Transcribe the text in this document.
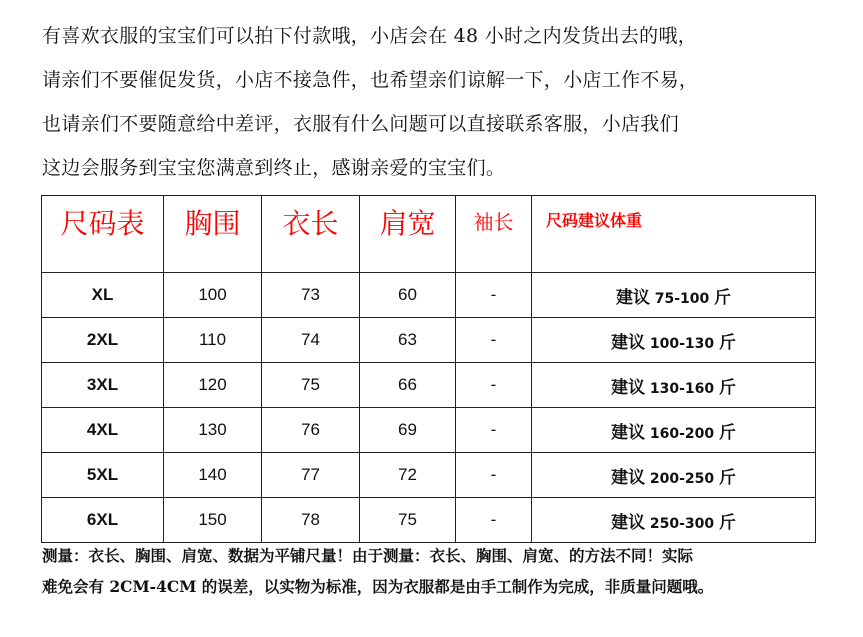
有喜欢衣服的宝宝们可以拍下付款哦，小店会在 48 小时之内发货出去的哦，
请亲们不要催促发货，小店不接急件，也希望亲们谅解一下，小店工作不易，
也请亲们不要随意给中差评，衣服有什么问题可以直接联系客服，小店我们
这边会服务到宝宝您满意到终止，感谢亲爱的宝宝们。
尺码表	胸围	衣长	肩宽	袖长	尺码建议体重
XL	100	73	60	-	建议 75-100 斤
2XL	110	74	63	-	建议 100-130 斤
3XL	120	75	66	-	建议 130-160 斤
4XL	130	76	69	-	建议 160-200 斤
5XL	140	77	72	-	建议 200-250 斤
6XL	150	78	75	-	建议 250-300 斤
测量：衣长、胸围、肩宽、数据为平铺尺量！由于测量：衣长、胸围、肩宽、的方法不同！实际
难免会有 2CM-4CM 的误差，以实物为标准，因为衣服都是由手工制作为完成，非质量问题哦。
